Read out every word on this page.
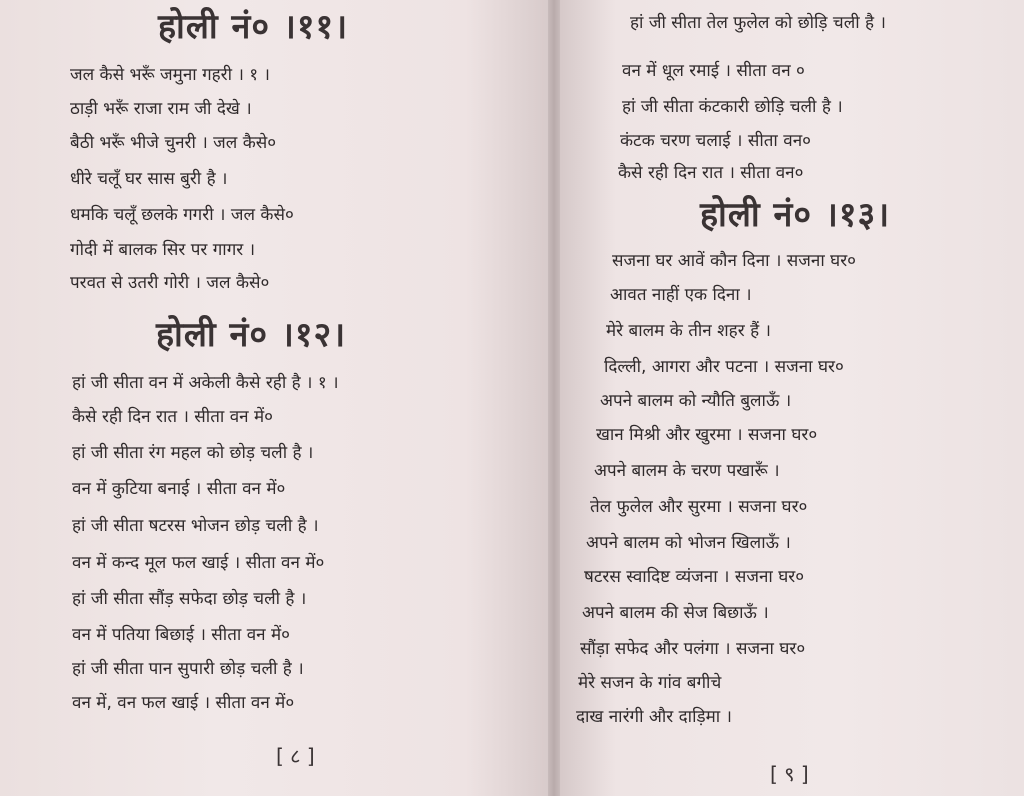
होली नं० ।११।
जल कैसे भरूँ जमुना गहरी । १ ।
ठाड़ी भरूँ राजा राम जी देखे ।
बैठी भरूँ भीजे चुनरी । जल कैसे०
धीरे चलूँ घर सास बुरी है ।
धमकि चलूँ छलके गगरी । जल कैसे०
गोदी में बालक सिर पर गागर ।
परवत से उतरी गोरी । जल कैसे०
होली नं० ।१२।
हां जी सीता वन में अकेली कैसे रही है । १ ।
कैसे रही दिन रात । सीता वन में०
हां जी सीता रंग महल को छोड़ चली है ।
वन में कुटिया बनाई । सीता वन में०
हां जी सीता षटरस भोजन छोड़ चली है ।
वन में कन्द मूल फल खाई । सीता वन में०
हां जी सीता सौंड़ सफेदा छोड़ चली है ।
वन में पतिया बिछाई । सीता वन में०
हां जी सीता पान सुपारी छोड़ चली है ।
वन में, वन फल खाई । सीता वन में०
[ ८ ]
हां जी सीता तेल फुलेल को छोड़ि चली है ।
वन में धूल रमाई । सीता वन ०
हां जी सीता कंटकारी छोड़ि चली है ।
कंटक चरण चलाई । सीता वन०
कैसे रही दिन रात । सीता वन०
होली नं० ।१३।
सजना घर आवें कौन दिना । सजना घर०
आवत नाहीं एक दिना ।
मेरे बालम के तीन शहर हैं ।
दिल्ली, आगरा और पटना । सजना घर०
अपने बालम को न्यौति बुलाऊँ ।
खान मिश्री और खुरमा । सजना घर०
अपने बालम के चरण पखारूँ ।
तेल फुलेल और सुरमा । सजना घर०
अपने बालम को भोजन खिलाऊँ ।
षटरस स्वादिष्ट व्यंजना । सजना घर०
अपने बालम की सेज बिछाऊँ ।
सौंड़ा सफेद और पलंगा । सजना घर०
मेरे सजन के गांव बगीचे
दाख नारंगी और दाड़िमा ।
[ ९ ]
